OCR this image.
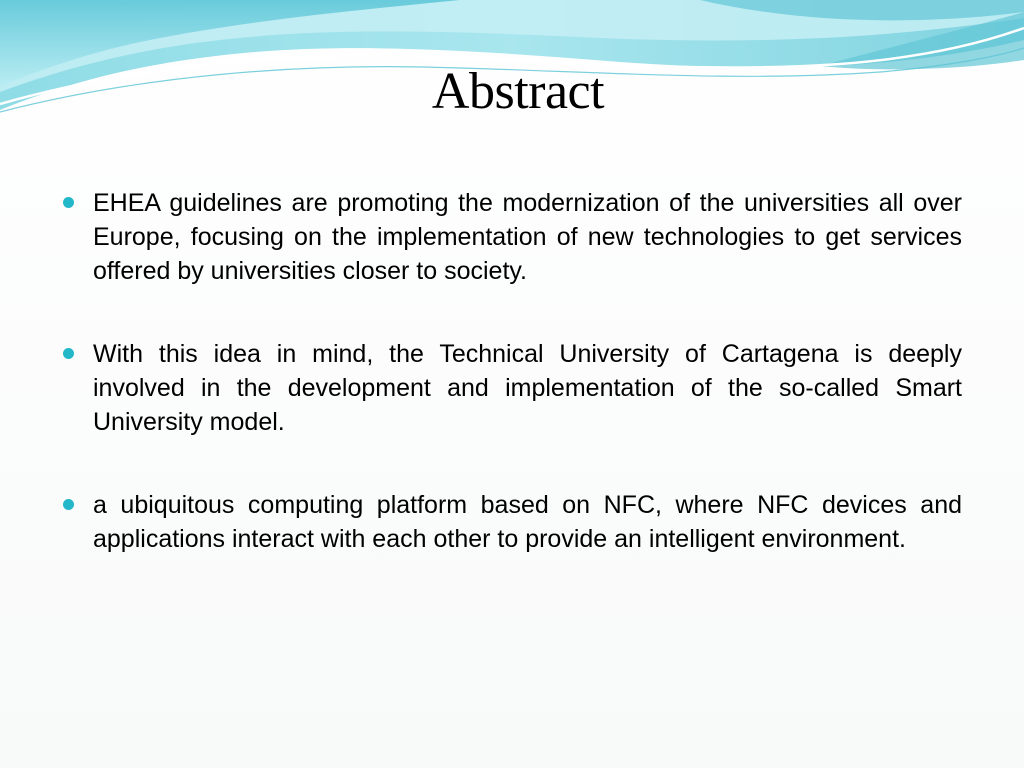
Abstract
EHEA guidelines are promoting the modernization of the universities all over Europe, focusing on the implementation of new technologies to get services offered by universities closer to society.
With this idea in mind, the Technical University of Cartagena is deeply involved in the development and implementation of the so-called Smart University model.
a ubiquitous computing platform based on NFC, where NFC devices and applications interact with each other to provide an intelligent environment.
